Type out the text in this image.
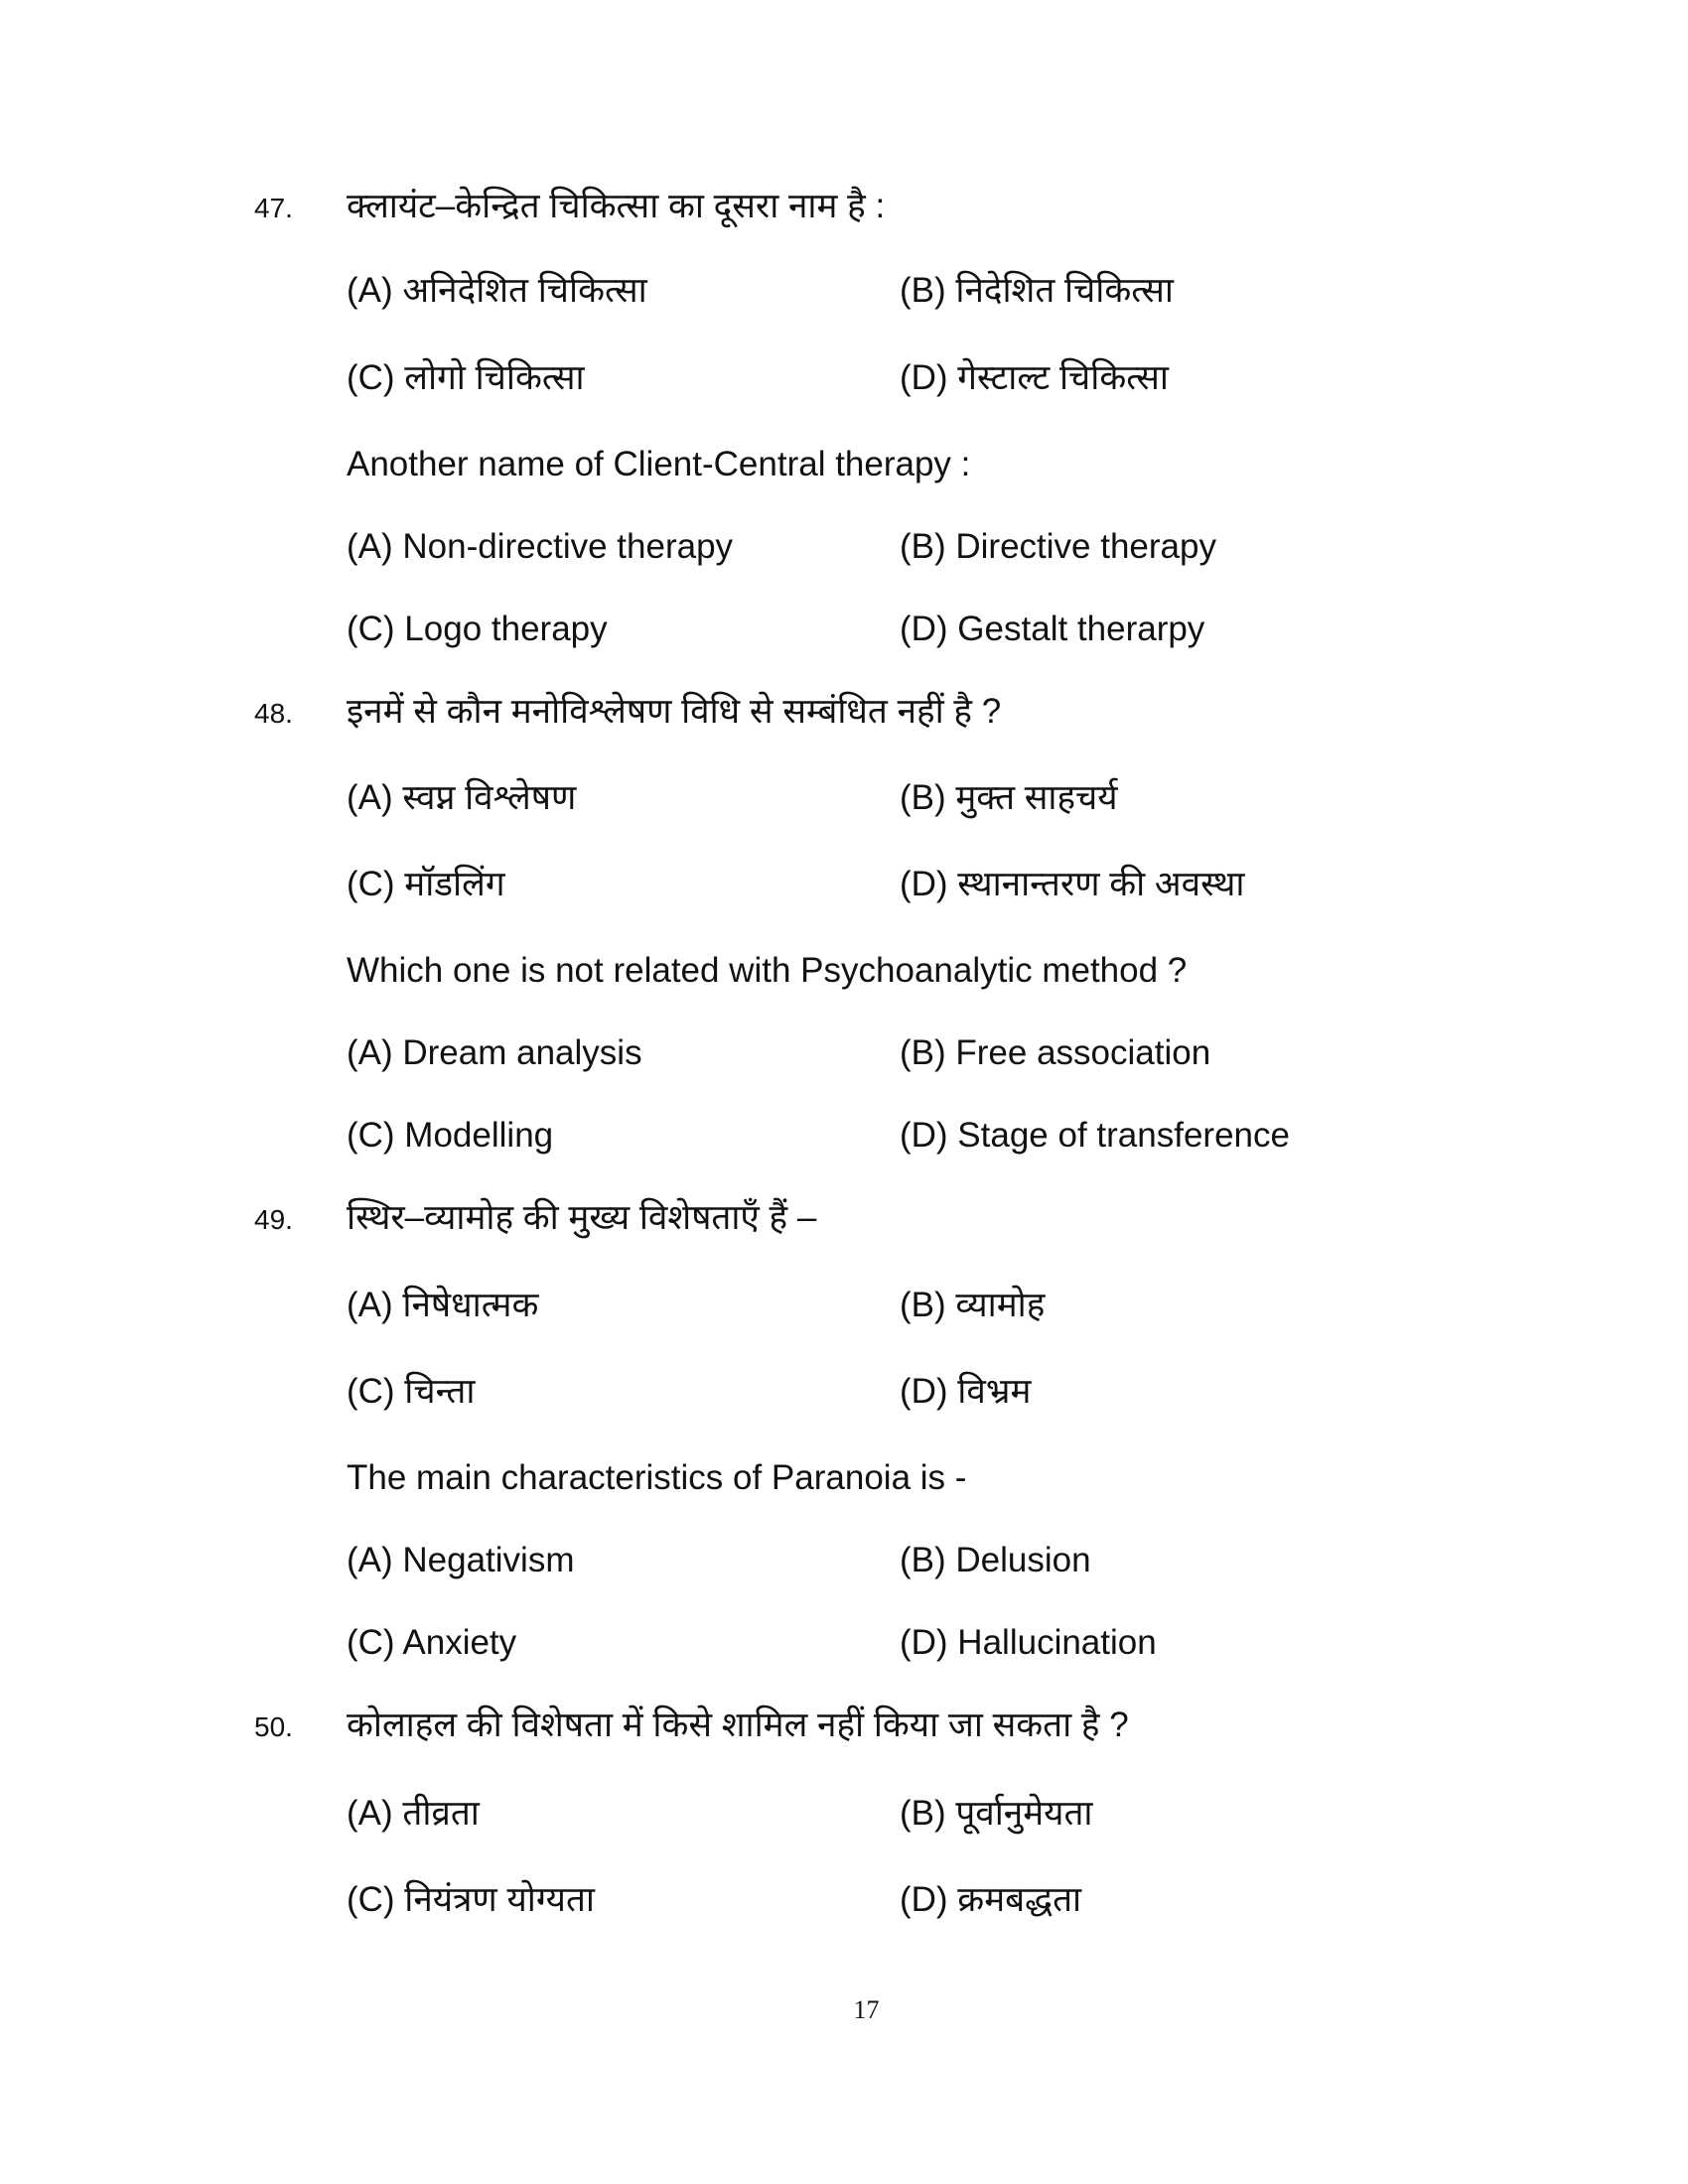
47. क्लायंट–केन्द्रित चिकित्सा का दूसरा नाम है :
(A) अनिदेशित चिकित्सा	(B) निदेशित चिकित्सा
(C) लोगो चिकित्सा	(D) गेस्टाल्ट चिकित्सा
Another name of Client-Central therapy :
(A) Non-directive therapy	(B) Directive therapy
(C) Logo therapy	(D) Gestalt therarpy
48. इनमें से कौन मनोविश्लेषण विधि से सम्बंधित नहीं है ?
(A) स्वप्न विश्लेषण	(B) मुक्त साहचर्य
(C) मॉडलिंग	(D) स्थानान्तरण की अवस्था
Which one is not related with Psychoanalytic method ?
(A) Dream analysis	(B) Free association
(C) Modelling	(D) Stage of transference
49. स्थिर–व्यामोह की मुख्य विशेषताएँ हैं –
(A) निषेधात्मक	(B) व्यामोह
(C) चिन्ता	(D) विभ्रम
The main characteristics of Paranoia is -
(A) Negativism	(B) Delusion
(C) Anxiety	(D) Hallucination
50. कोलाहल की विशेषता में किसे शामिल नहीं किया जा सकता है ?
(A) तीव्रता	(B) पूर्वानुमेयता
(C) नियंत्रण योग्यता	(D) क्रमबद्धता
17
